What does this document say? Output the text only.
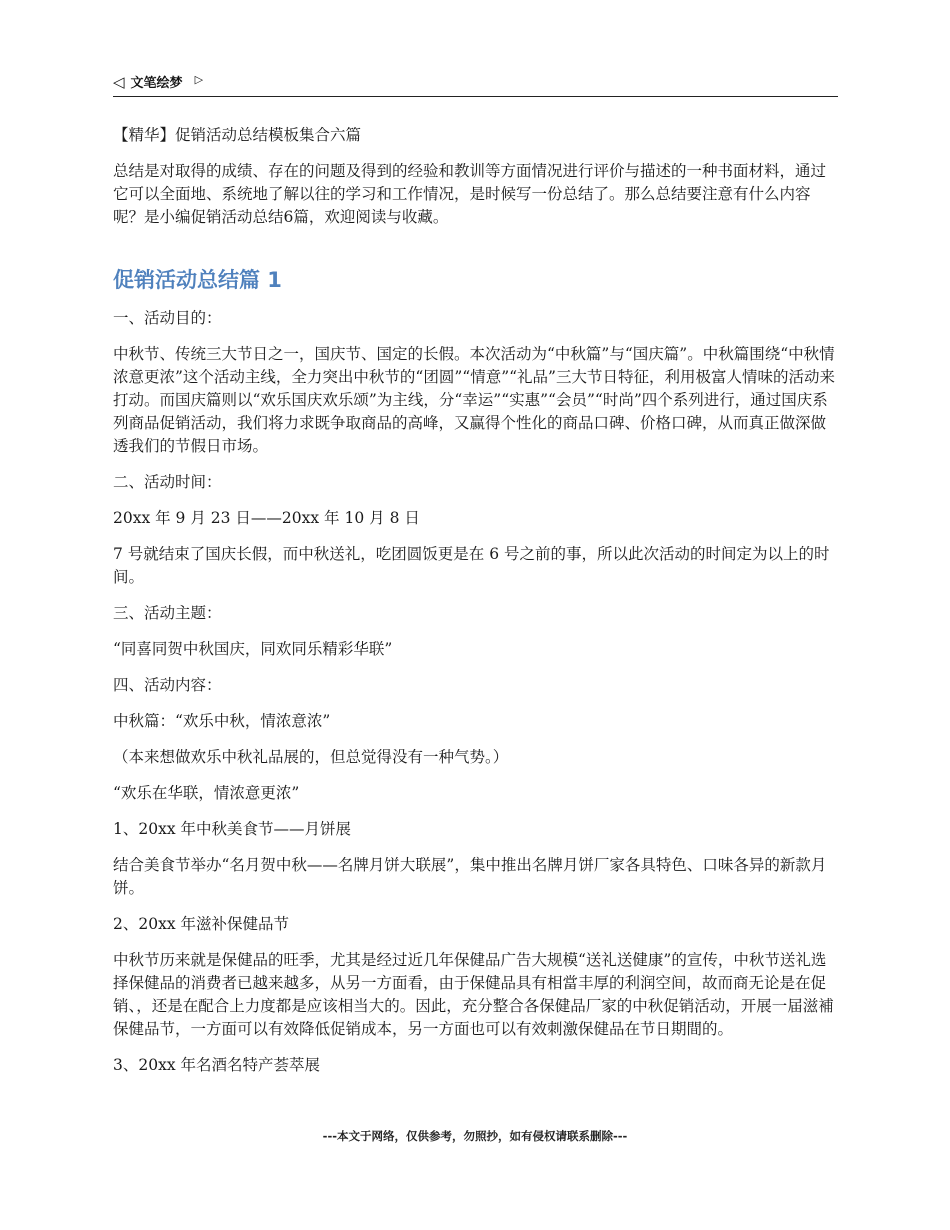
◁ 文笔绘梦 ▷

【精华】促销活动总结模板集合六篇

总结是对取得的成绩、存在的问题及得到的经验和教训等方面情况进行评价与描述的一种书面材料，通过它可以全面地、系统地了解以往的学习和工作情况，是时候写一份总结了。那么总结要注意有什么内容呢？是小编促销活动总结6篇，欢迎阅读与收藏。

促销活动总结篇 1

一、活动目的：

中秋节、传统三大节日之一，国庆节、国定的长假。本次活动为“中秋篇”与“国庆篇”。中秋篇围绕“中秋情浓意更浓”这个活动主线，全力突出中秋节的“团圆”“情意”“礼品”三大节日特征，利用极富人情味的活动来打动。而国庆篇则以“欢乐国庆欢乐颂”为主线，分“幸运”“实惠”“会员”“时尚”四个系列进行，通过国庆系列商品促销活动，我们将力求既争取商品的高峰，又赢得个性化的商品口碑、价格口碑，从而真正做深做透我们的节假日市场。

二、活动时间：

20xx 年 9 月 23 日——20xx 年 10 月 8 日

7 号就结束了国庆长假，而中秋送礼，吃团圆饭更是在 6 号之前的事，所以此次活动的时间定为以上的时间。

三、活动主题：

“同喜同贺中秋国庆，同欢同乐精彩华联”

四、活动内容：

中秋篇：“欢乐中秋，情浓意浓”

（本来想做欢乐中秋礼品展的，但总觉得没有一种气势。）

“欢乐在华联，情浓意更浓”

1、20xx 年中秋美食节——月饼展

结合美食节举办“名月贺中秋——名牌月饼大联展”，集中推出名牌月饼厂家各具特色、口味各异的新款月饼。

2、20xx 年滋补保健品节

中秋节历来就是保健品的旺季，尤其是经过近几年保健品广告大规模“送礼送健康”的宣传，中秋节送礼选择保健品的消费者已越来越多，从另一方面看，由于保健品具有相當丰厚的利润空间，故而商无论是在促销、，还是在配合上力度都是应该相当大的。因此，充分整合各保健品厂家的中秋促销活动，开展一届滋補保健品节，一方面可以有效降低促销成本，另一方面也可以有效刺激保健品在节日期間的。

3、20xx 年名酒名特产荟萃展

---本文于网络，仅供参考，勿照抄，如有侵权请联系删除---
